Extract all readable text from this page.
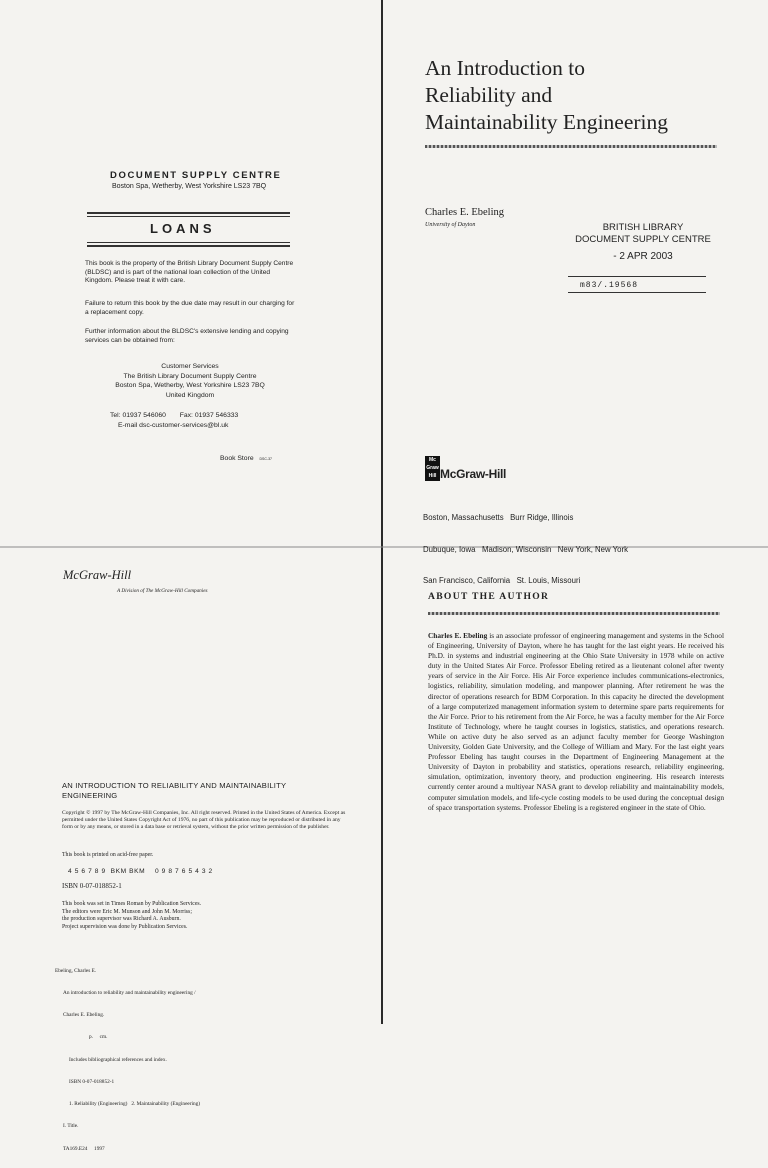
DOCUMENT SUPPLY CENTRE
Boston Spa, Wetherby, West Yorkshire LS23 7BQ
LOANS

This book is the property of the British Library Document Supply Centre (BLDSC) and is part of the national loan collection of the United Kingdom. Please treat it with care.

Failure to return this book by the due date may result in our charging for a replacement copy.

Further information about the BLDSC's extensive lending and copying services can be obtained from:

Customer Services
The British Library Document Supply Centre
Boston Spa, Wetherby, West Yorkshire LS23 7BQ
United Kingdom
Tel: 01937 546060 Fax: 01937 546333
E-mail dsc-customer-services@bl.uk
Book Store DSC-37
An Introduction to
Reliability and
Maintainability Engineering
Charles E. Ebeling
University of Dayton	BRITISH LIBRARY
DOCUMENT SUPPLY CENTRE
- 2 APR 2003
m83/.19568
Mc
Graw
Hill McGraw-Hill

Boston, Massachusetts   Burr Ridge, Illinois

Dubuque, Iowa   Madison, Wisconsin   New York, New York

San Francisco, California   St. Louis, Missouri

McGraw-Hill
A Division of The McGraw-Hill Companies
AN INTRODUCTION TO RELIABILITY AND MAINTAINABILITY
ENGINEERING

Copyright © 1997 by The McGraw-Hill Companies, Inc. All right reserved. Printed in the United States of America. Except as permitted under the United States Copyright Act of 1976, no part of this publication may be reproduced or distributed in any form or by any means, or stored in a data base or retrieval system, without the prior written permission of the publisher.

This book is printed on acid-free paper.
4 5 6 7 8 9  BKM BKM    0 9 8 7 6 5 4 3 2
ISBN 0-07-018852-1
This book was set in Times Roman by Publication Services.
The editors were Eric M. Munson and John M. Morriss;
the production supervisor was Richard A. Ausburn.
Project supervision was done by Publication Services.

Ebeling, Charles E.

An introduction to reliability and maintainability engineering /

Charles E. Ebeling.

p.     cm.

Includes bibliographical references and index.

ISBN 0-07-018852-1

1. Reliability (Engineering)   2. Maintainability (Engineering)

I. Title.

TA169.E24     1997

ABOUT THE AUTHOR

Charles E. Ebeling is an associate professor of engineering management and systems in the School of Engineering, University of Dayton, where he has taught for the last eight years. He received his Ph.D. in systems and industrial engineering at the Ohio State University in 1978 while on active duty in the United States Air Force. Professor Ebeling retired as a lieutenant colonel after twenty years of service in the Air Force. His Air Force experience includes communications-electronics, logistics, reliability, simulation modeling, and manpower planning. After retirement he was the director of operations research for BDM Corporation. In this capacity he directed the development of a large computerized management information system to determine spare parts requirements for the Air Force. Prior to his retirement from the Air Force, he was a faculty member for the Air Force Institute of Technology, where he taught courses in logistics, statistics, and operations research. While on active duty he also served as an adjunct faculty member for George Washington University, Golden Gate University, and the College of William and Mary. For the last eight years Professor Ebeling has taught courses in the Department of Engineering Management at the University of Dayton in probability and statistics, operations research, reliability engineering, simulation, optimization, inventory theory, and production engineering. His research interests currently center around a multiyear NASA grant to develop reliability and maintainability models, computer simulation models, and life-cycle costing models to be used during the conceptual design of space transportation systems. Professor Ebeling is a registered engineer in the state of Ohio.
